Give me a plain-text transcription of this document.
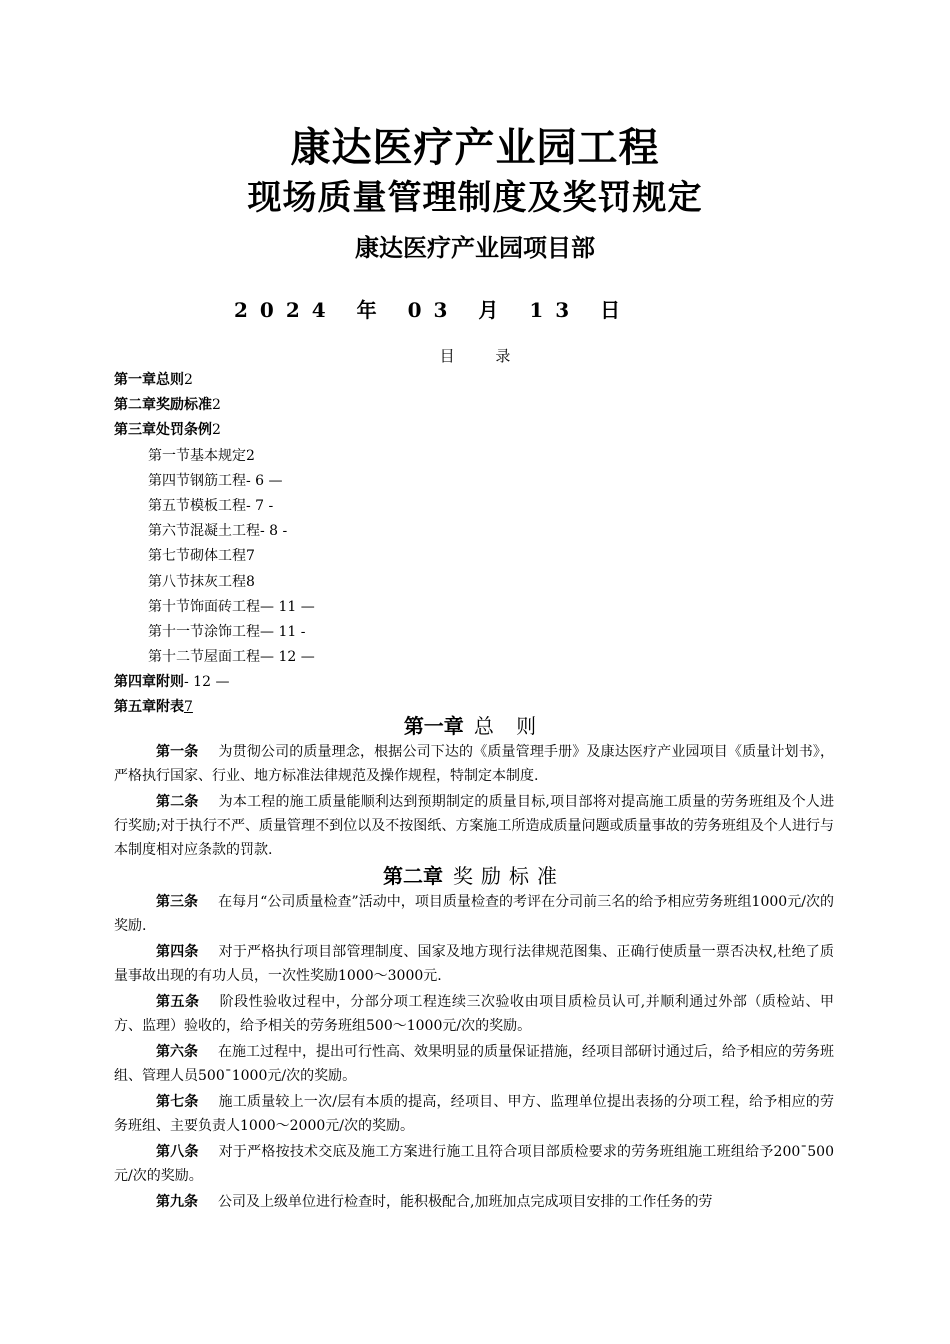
康达医疗产业园工程
现场质量管理制度及奖罚规定
康达医疗产业园项目部
2024 年 03 月 13 日
目 录
第一章总则2
第二章奖励标准2
第三章处罚条例2
第一节基本规定2
第四节钢筋工程- 6 —
第五节模板工程- 7 -
第六节混凝土工程- 8 -
第七节砌体工程7
第八节抹灰工程8
第十节饰面砖工程— 11 —
第十一节涂饰工程— 11 -
第十二节屋面工程— 12 —
第四章附则- 12 —
第五章附表7
第一章 总 则

第一条 为贯彻公司的质量理念，根据公司下达的《质量管理手册》及康达医疗产业园项目《质量计划书》，严格执行国家、行业、地方标准法律规范及操作规程，特制定本制度.

第二条 为本工程的施工质量能顺利达到预期制定的质量目标,项目部将对提高施工质量的劳务班组及个人进行奖励;对于执行不严、质量管理不到位以及不按图纸、方案施工所造成质量问题或质量事故的劳务班组及个人进行与本制度相对应条款的罚款.

第二章 奖励标准

第三条 在每月“公司质量检查”活动中，项目质量检查的考评在分司前三名的给予相应劳务班组1000元/次的奖励.

第四条 对于严格执行项目部管理制度、国家及地方现行法律规范图集、正确行使质量一票否决权,杜绝了质量事故出现的有功人员，一次性奖励1000～3000元.

第五条 阶段性验收过程中，分部分项工程连续三次验收由项目质检员认可,并顺利通过外部（质检站、甲方、监理）验收的，给予相关的劳务班组500～1000元/次的奖励。

第六条 在施工过程中，提出可行性高、效果明显的质量保证措施，经项目部研讨通过后，给予相应的劳务班组、管理人员500¯1000元/次的奖励。

第七条 施工质量较上一次/层有本质的提高，经项目、甲方、监理单位提出表扬的分项工程，给予相应的劳务班组、主要负责人1000～2000元/次的奖励。

第八条 对于严格按技术交底及施工方案进行施工且符合项目部质检要求的劳务班组施工班组给予200¯500元/次的奖励。

第九条 公司及上级单位进行检查时，能积极配合,加班加点完成项目安排的工作任务的劳
